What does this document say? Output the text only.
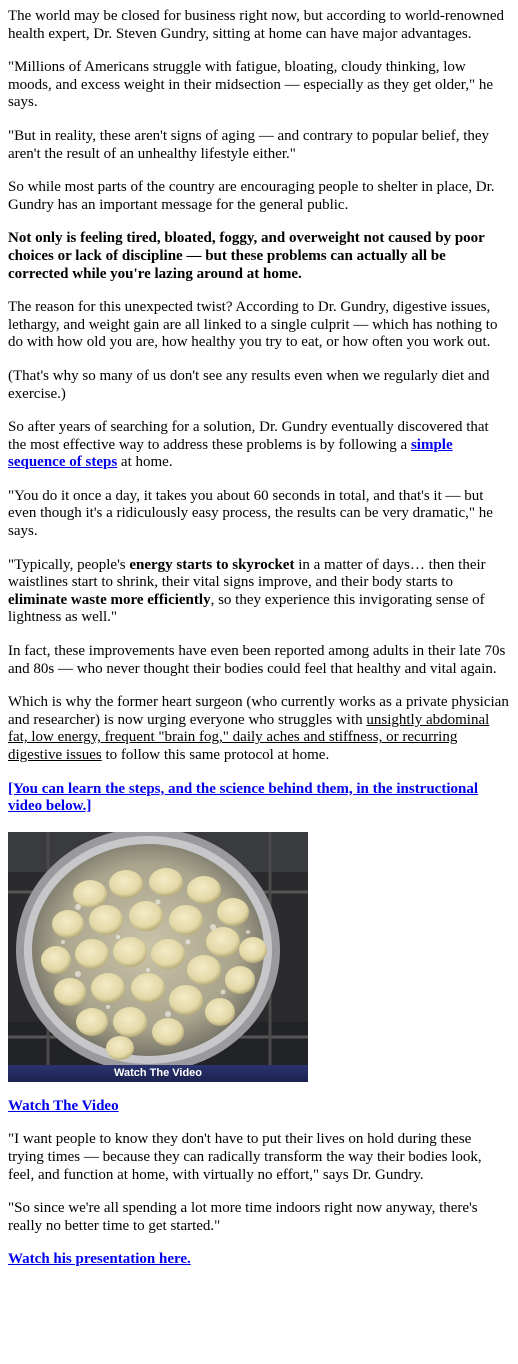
The world may be closed for business right now, but according to world-renowned health expert, Dr. Steven Gundry, sitting at home can have major advantages.

"Millions of Americans struggle with fatigue, bloating, cloudy thinking, low moods, and excess weight in their midsection — especially as they get older," he says.

"But in reality, these aren't signs of aging — and contrary to popular belief, they aren't the result of an unhealthy lifestyle either."

So while most parts of the country are encouraging people to shelter in place, Dr. Gundry has an important message for the general public.

Not only is feeling tired, bloated, foggy, and overweight not caused by poor choices or lack of discipline — but these problems can actually all be corrected while you're lazing around at home.

The reason for this unexpected twist? According to Dr. Gundry, digestive issues, lethargy, and weight gain are all linked to a single culprit — which has nothing to do with how old you are, how healthy you try to eat, or how often you work out.

(That's why so many of us don't see any results even when we regularly diet and exercise.)

So after years of searching for a solution, Dr. Gundry eventually discovered that the most effective way to address these problems is by following a simple sequence of steps at home.

"You do it once a day, it takes you about 60 seconds in total, and that's it — but even though it's a ridiculously easy process, the results can be very dramatic," he says.

"Typically, people's energy starts to skyrocket in a matter of days… then their waistlines start to shrink, their vital signs improve, and their body starts to eliminate waste more efficiently, so they experience this invigorating sense of lightness as well."

In fact, these improvements have even been reported among adults in their late 70s and 80s — who never thought their bodies could feel that healthy and vital again.

Which is why the former heart surgeon (who currently works as a private physician and researcher) is now urging everyone who struggles with unsightly abdominal fat, low energy, frequent "brain fog," daily aches and stiffness, or recurring digestive issues to follow this same protocol at home.

[You can learn the steps, and the science behind them, in the instructional video below.]

Watch The Video

Watch The Video

"I want people to know they don't have to put their lives on hold during these trying times — because they can radically transform the way their bodies look, feel, and function at home, with virtually no effort," says Dr. Gundry.

"So since we're all spending a lot more time indoors right now anyway, there's really no better time to get started."

Watch his presentation here.
